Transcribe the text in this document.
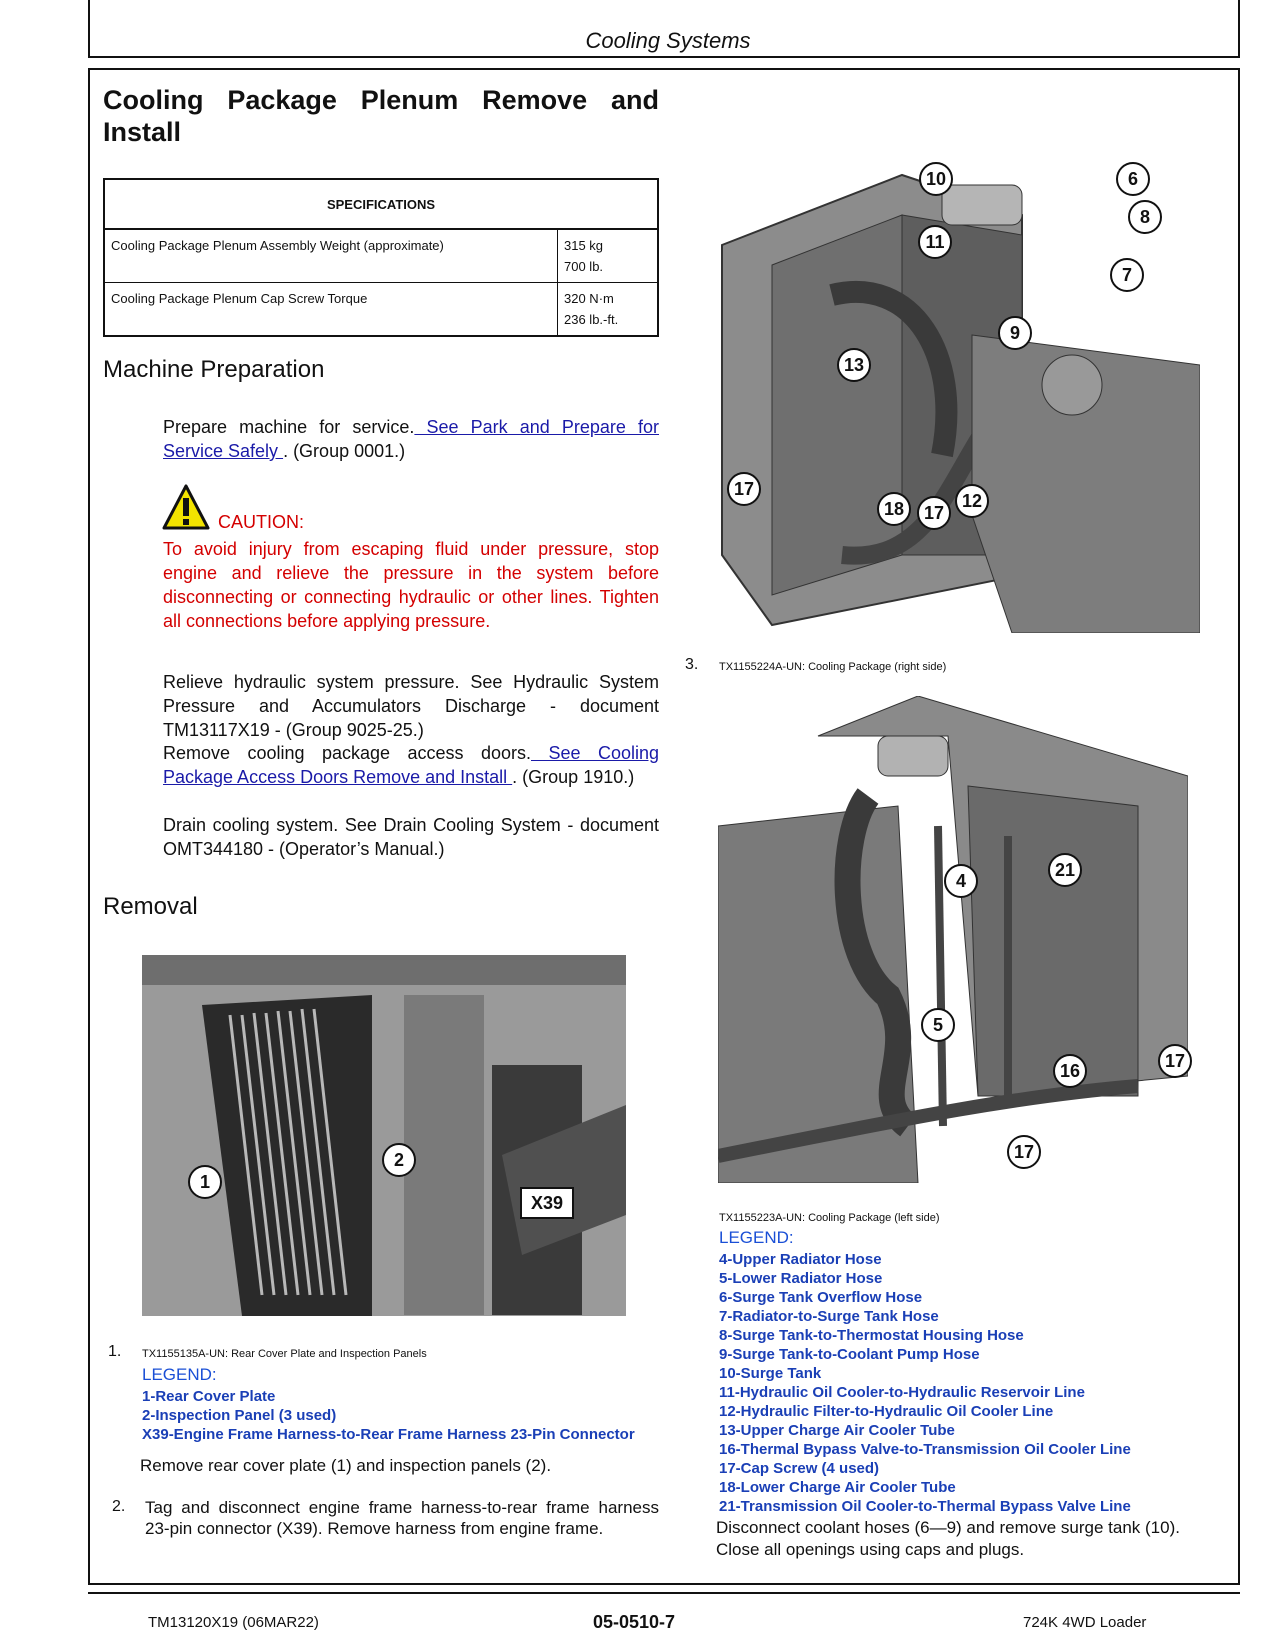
Cooling Systems
Cooling Package Plenum Remove and
Install
SPECIFICATIONS	
Cooling Package Plenum Assembly Weight (approximate)	315 kg
700 lb.
Cooling Package Plenum Cap Screw Torque	320 N·m
236 lb.-ft.
Machine Preparation
Prepare machine for service. See Park and Prepare for Service Safely . (Group 0001.)
CAUTION:
To avoid injury from escaping fluid under pressure, stop engine and relieve the pressure in the system before disconnecting or connecting hydraulic or other lines. Tighten all connections before applying pressure.
Relieve hydraulic system pressure. See Hydraulic System Pressure and Accumulators Discharge - document TM13117X19 - (Group 9025-25.)
Remove cooling package access doors. See Cooling Package Access Doors Remove and Install . (Group 1910.)
Drain cooling system. See Drain Cooling System - document OMT344180 - (Operator’s Manual.)
Removal
1
2
X39
1. TX1155135A-UN: Rear Cover Plate and Inspection Panels
LEGEND:
1-Rear Cover Plate
2-Inspection Panel (3 used)
X39-Engine Frame Harness-to-Rear Frame Harness 23-Pin Connector
Remove rear cover plate (1) and inspection panels (2).
2. Tag and disconnect engine frame harness-to-rear frame harness 23-pin connector (X39). Remove harness from engine frame.
10	6
8
11
7
9
13
17
18	17
12
3. TX1155224A-UN: Cooling Package (right side)
4
21
5
16	17
17
TX1155223A-UN: Cooling Package (left side)
LEGEND:
4-Upper Radiator Hose
5-Lower Radiator Hose
6-Surge Tank Overflow Hose
7-Radiator-to-Surge Tank Hose
8-Surge Tank-to-Thermostat Housing Hose
9-Surge Tank-to-Coolant Pump Hose
10-Surge Tank
11-Hydraulic Oil Cooler-to-Hydraulic Reservoir Line
12-Hydraulic Filter-to-Hydraulic Oil Cooler Line
13-Upper Charge Air Cooler Tube
16-Thermal Bypass Valve-to-Transmission Oil Cooler Line
17-Cap Screw (4 used)
18-Lower Charge Air Cooler Tube
21-Transmission Oil Cooler-to-Thermal Bypass Valve Line
Disconnect coolant hoses (6—9) and remove surge tank (10).
Close all openings using caps and plugs.
TM13120X19 (06MAR22)	05-0510-7	724K 4WD Loader
